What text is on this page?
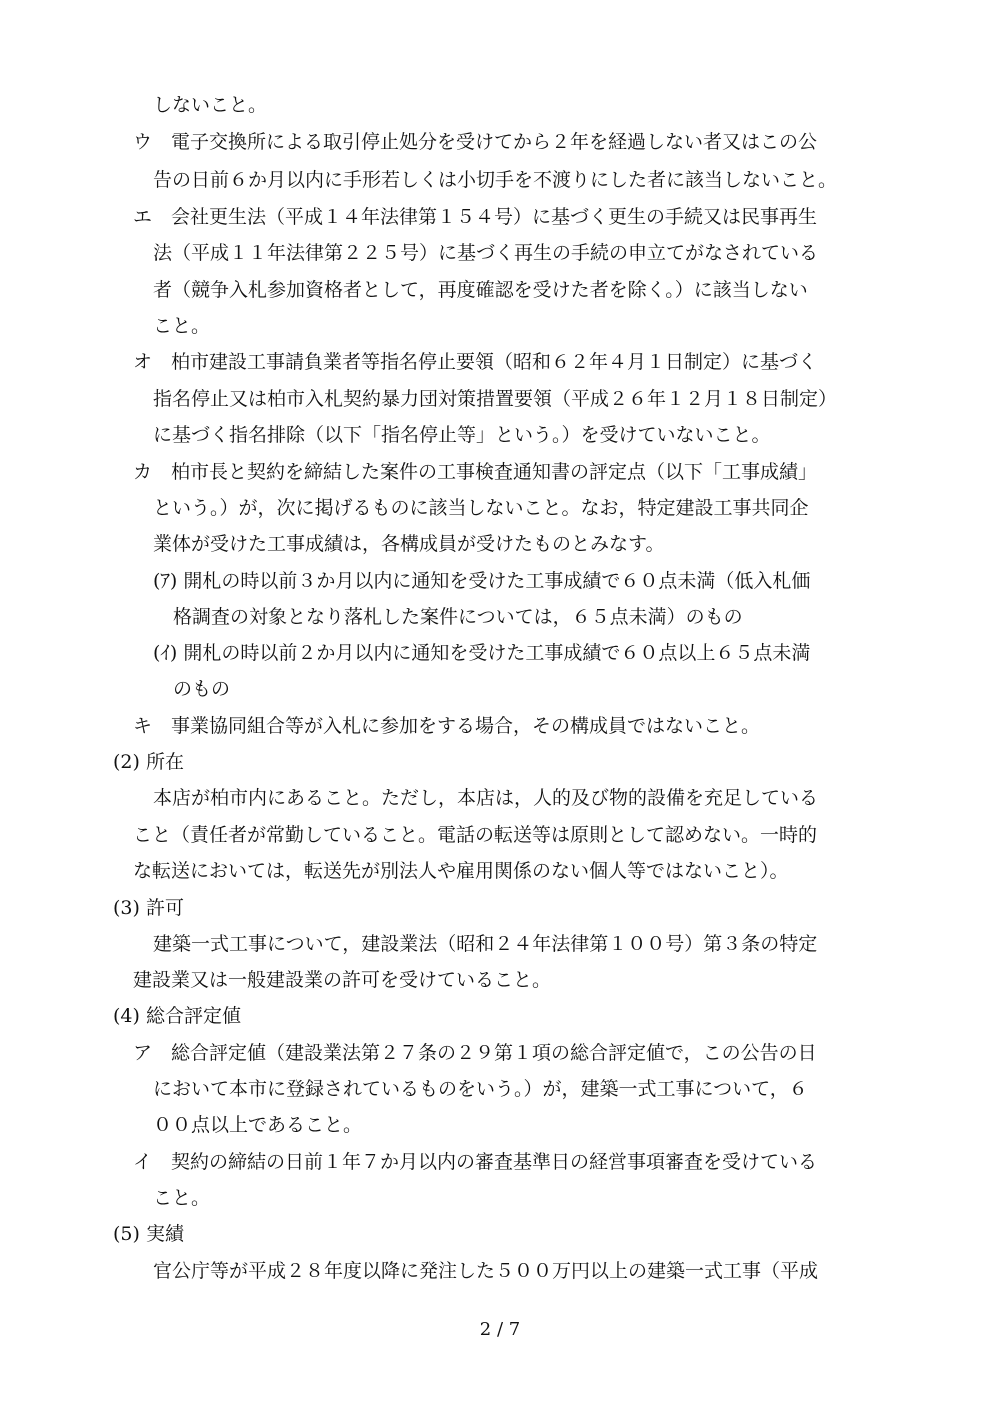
しないこと。

ウ　電子交換所による取引停止処分を受けてから２年を経過しない者又はこの公

告の日前６か月以内に手形若しくは小切手を不渡りにした者に該当しないこと。

エ　会社更生法（平成１４年法律第１５４号）に基づく更生の手続又は民事再生

法（平成１１年法律第２２５号）に基づく再生の手続の申立てがなされている

者（競争入札参加資格者として，再度確認を受けた者を除く。）に該当しない

こと。

オ　柏市建設工事請負業者等指名停止要領（昭和６２年４月１日制定）に基づく

指名停止又は柏市入札契約暴力団対策措置要領（平成２６年１２月１８日制定）

に基づく指名排除（以下「指名停止等」という。）を受けていないこと。

カ　柏市長と契約を締結した案件の工事検査通知書の評定点（以下「工事成績」

という。）が，次に掲げるものに該当しないこと。なお，特定建設工事共同企

業体が受けた工事成績は，各構成員が受けたものとみなす。

(ｱ) 開札の時以前３か月以内に通知を受けた工事成績で６０点未満（低入札価

格調査の対象となり落札した案件については，６５点未満）のもの

(ｲ) 開札の時以前２か月以内に通知を受けた工事成績で６０点以上６５点未満

のもの

キ　事業協同組合等が入札に参加をする場合，その構成員ではないこと。

(2) 所在

本店が柏市内にあること。ただし，本店は，人的及び物的設備を充足している

こと（責任者が常勤していること。電話の転送等は原則として認めない。一時的

な転送においては，転送先が別法人や雇用関係のない個人等ではないこと）。

(3) 許可

建築一式工事について，建設業法（昭和２４年法律第１００号）第３条の特定

建設業又は一般建設業の許可を受けていること。

(4) 総合評定値

ア　総合評定値（建設業法第２７条の２９第１項の総合評定値で，この公告の日

において本市に登録されているものをいう。）が，建築一式工事について，６

００点以上であること。

イ　契約の締結の日前１年７か月以内の審査基準日の経営事項審査を受けている

こと。

(5) 実績

官公庁等が平成２８年度以降に発注した５００万円以上の建築一式工事（平成

2 / 7
